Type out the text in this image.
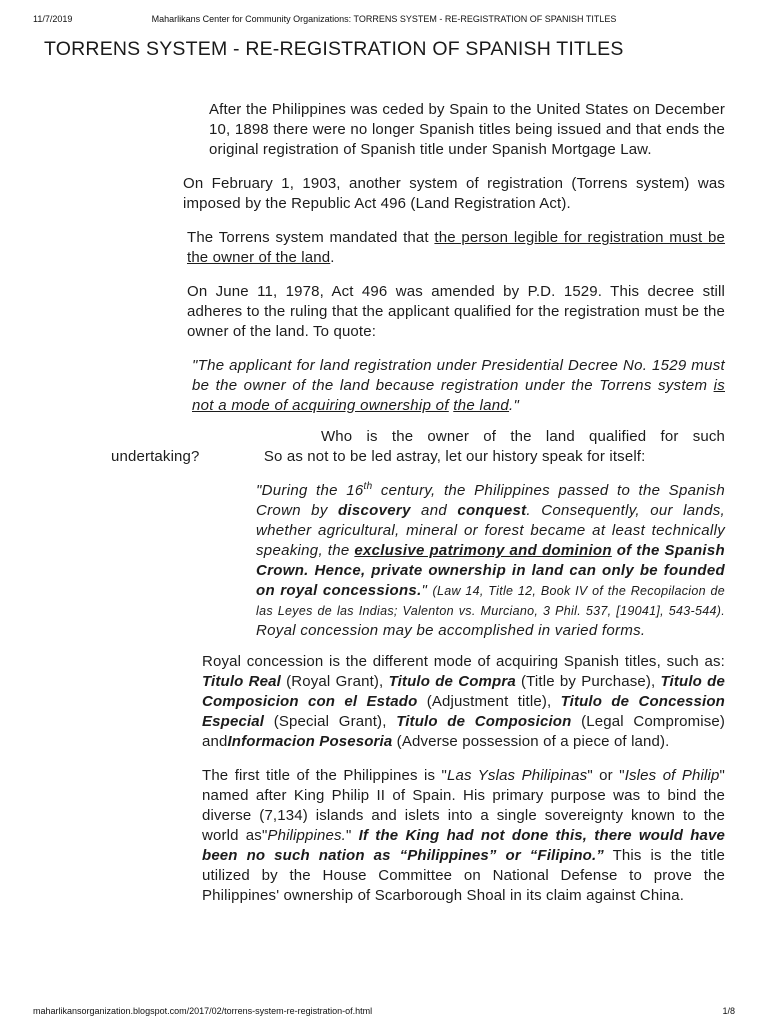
11/7/2019	Maharlikans Center for Community Organizations: TORRENS SYSTEM - RE-REGISTRATION OF SPANISH TITLES
TORRENS SYSTEM - RE-REGISTRATION OF SPANISH TITLES

After the Philippines was ceded by Spain to the United States on December 10, 1898 there were no longer Spanish titles being issued and that ends the original registration of Spanish title under Spanish Mortgage Law.

On February 1, 1903, another system of registration (Torrens system) was imposed by the Republic Act 496 (Land Registration Act).

The Torrens system mandated that the person legible for registration must be the owner of the land.

On June 11, 1978, Act 496 was amended by P.D. 1529. This decree still adheres to the ruling that the applicant qualified for the registration must be the owner of the land. To quote:

"The applicant for land registration under Presidential Decree No. 1529 must be the owner of the land because registration under the Torrens system is not a mode of acquiring ownership of the land."

Who is the owner of the land qualified for such undertaking?	So as not to be led astray, let our history speak for itself:

"During the 16th century, the Philippines passed to the Spanish Crown by discovery and conquest. Consequently, our lands, whether agricultural, mineral or forest became at least technically speaking, the exclusive patrimony and dominion of the Spanish Crown. Hence, private ownership in land can only be founded on royal concessions." (Law 14, Title 12, Book IV of the Recopilacion de las Leyes de las Indias; Valenton vs. Murciano, 3 Phil. 537, [19041], 543-544). Royal concession may be accomplished in varied forms.

Royal concession is the different mode of acquiring Spanish titles, such as: Titulo Real (Royal Grant), Titulo de Compra (Title by Purchase), Titulo de Composicion con el Estado (Adjustment title), Titulo de Concession Especial (Special Grant), Titulo de Composicion (Legal Compromise) andInformacion Posesoria (Adverse possession of a piece of land).

The first title of the Philippines is "Las Yslas Philipinas" or "Isles of Philip" named after King Philip II of Spain. His primary purpose was to bind the diverse (7,134) islands and islets into a single sovereignty known to the world as"Philippines." If the King had not done this, there would have been no such nation as “Philippines” or “Filipino.” This is the title utilized by the House Committee on National Defense to prove the Philippines' ownership of Scarborough Shoal in its claim against China.

maharlikansorganization.blogspot.com/2017/02/torrens-system-re-registration-of.html	1/8
